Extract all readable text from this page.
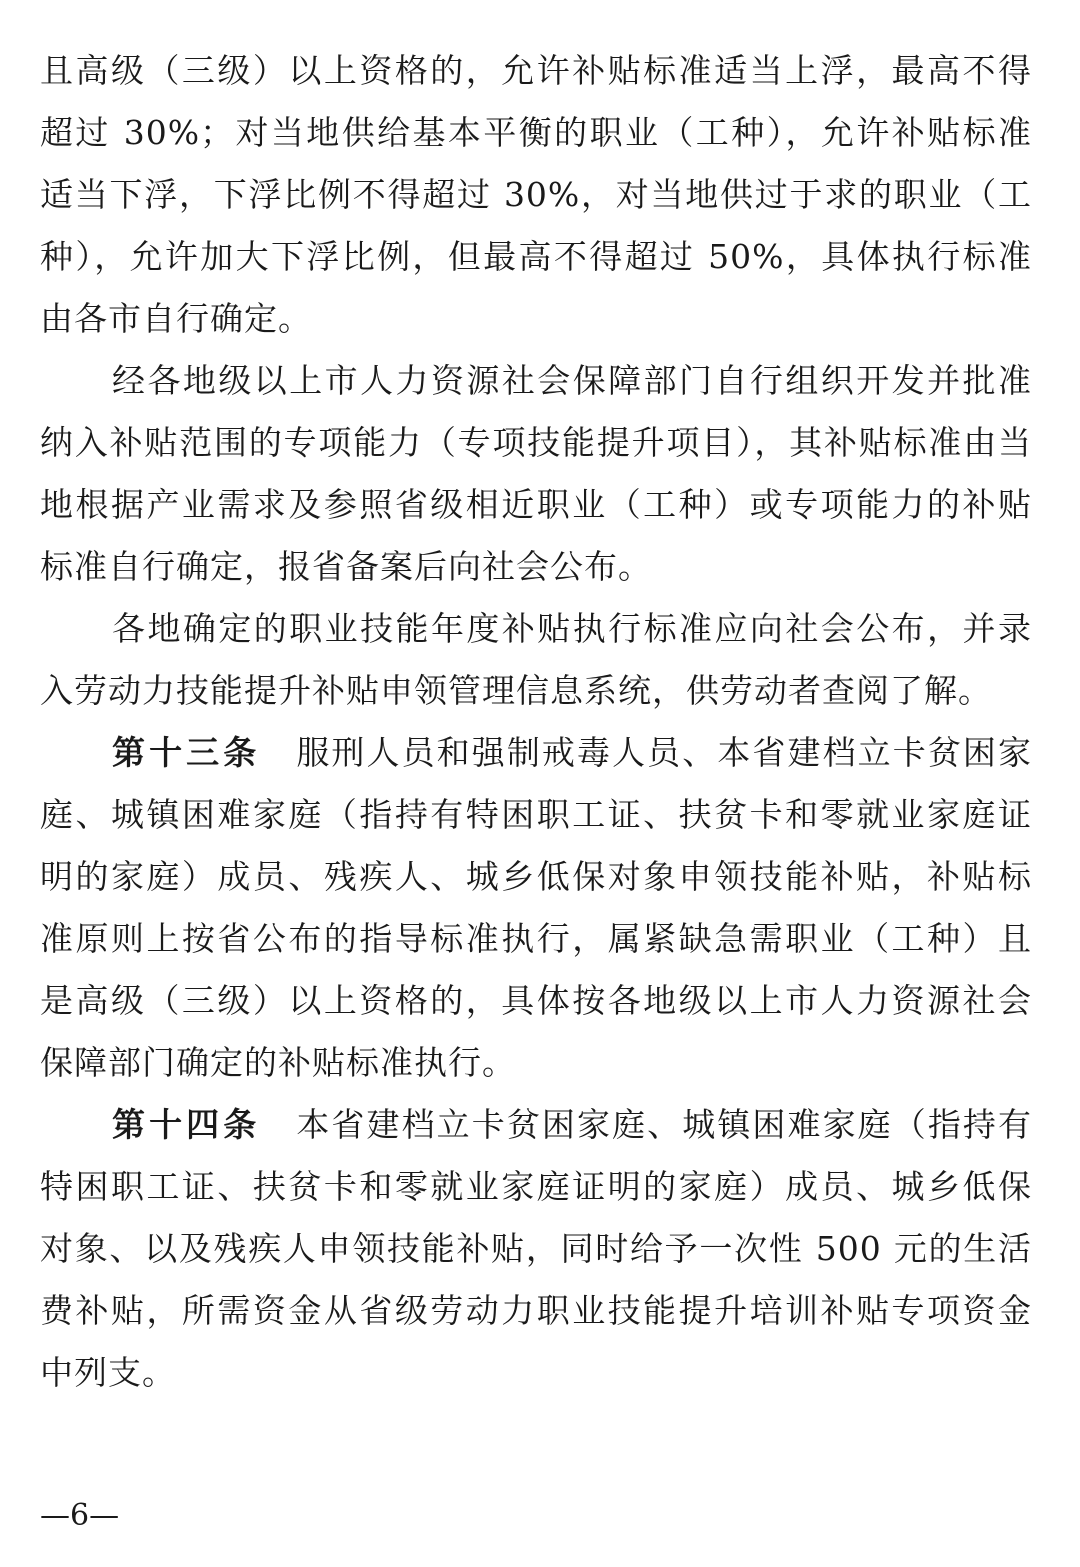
且高级（三级）以上资格的，允许补贴标准适当上浮，最高不得
超过 30%；对当地供给基本平衡的职业（工种），允许补贴标准
适当下浮，下浮比例不得超过 30%，对当地供过于求的职业（工
种），允许加大下浮比例，但最高不得超过 50%，具体执行标准
由各市自行确定。
经各地级以上市人力资源社会保障部门自行组织开发并批准
纳入补贴范围的专项能力（专项技能提升项目），其补贴标准由当
地根据产业需求及参照省级相近职业（工种）或专项能力的补贴
标准自行确定，报省备案后向社会公布。
各地确定的职业技能年度补贴执行标准应向社会公布，并录
入劳动力技能提升补贴申领管理信息系统，供劳动者查阅了解。
第十三条 服刑人员和强制戒毒人员、本省建档立卡贫困家
庭、城镇困难家庭（指持有特困职工证、扶贫卡和零就业家庭证
明的家庭）成员、残疾人、城乡低保对象申领技能补贴，补贴标
准原则上按省公布的指导标准执行，属紧缺急需职业（工种）且
是高级（三级）以上资格的，具体按各地级以上市人力资源社会
保障部门确定的补贴标准执行。
第十四条 本省建档立卡贫困家庭、城镇困难家庭（指持有
特困职工证、扶贫卡和零就业家庭证明的家庭）成员、城乡低保
对象、以及残疾人申领技能补贴，同时给予一次性 500 元的生活
费补贴，所需资金从省级劳动力职业技能提升培训补贴专项资金
中列支。
—6—
